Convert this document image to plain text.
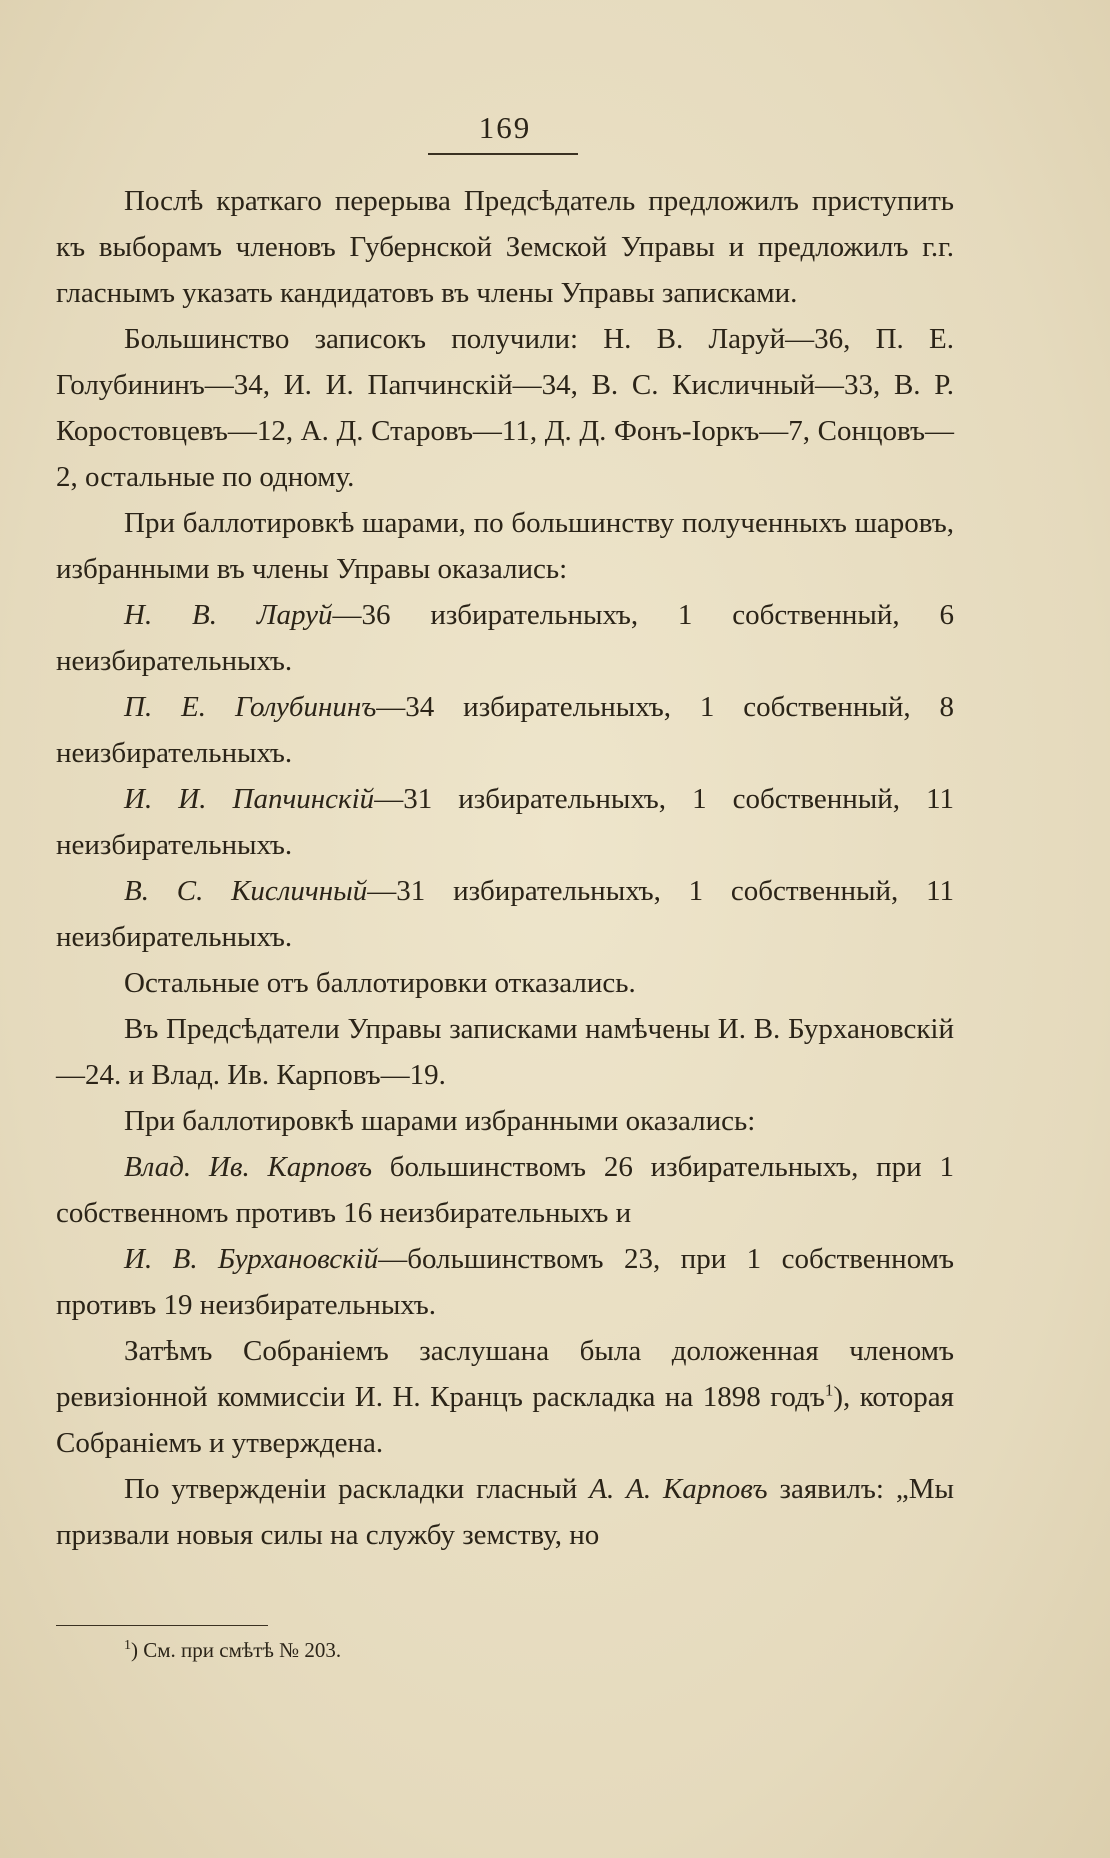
169

Послѣ краткаго перерыва Предсѣдатель предложилъ приступить къ выборамъ членовъ Губернской Земской Управы и предложилъ г.г. гласнымъ указать кандидатовъ въ члены Управы записками.

Большинство записокъ получили: Н. В. Ларуй—36, П. Е. Голубининъ—34, И. И. Папчинскій—34, В. С. Кисличный—33, В. Р. Коростовцевъ—12, А. Д. Старовъ—11, Д. Д. Фонъ-Іоркъ—7, Сонцовъ—2, остальные по одному.

При баллотировкѣ шарами, по большинству полученныхъ шаровъ, избранными въ члены Управы оказались:

Н. В. Ларуй—36 избирательныхъ, 1 собственный, 6 неизбирательныхъ.

П. Е. Голубининъ—34 избирательныхъ, 1 собственный, 8 неизбирательныхъ.

И. И. Папчинскій—31 избирательныхъ, 1 собственный, 11 неизбирательныхъ.

В. С. Кисличный—31 избирательныхъ, 1 собственный, 11 неизбирательныхъ.

Остальные отъ баллотировки отказались.

Въ Предсѣдатели Управы записками намѣчены И. В. Бурхановскій—24. и Влад. Ив. Карповъ—19.

При баллотировкѣ шарами избранными оказались:

Влад. Ив. Карповъ большинствомъ 26 избирательныхъ, при 1 собственномъ противъ 16 неизбирательныхъ и

И. В. Бурхановскій—большинствомъ 23, при 1 собственномъ противъ 19 неизбирательныхъ.

Затѣмъ Собраніемъ заслушана была доложенная членомъ ревизіонной коммиссіи И. Н. Кранцъ раскладка на 1898 годъ$^1$), которая Собраніемъ и утверждена.

По утвержденіи раскладки гласный А. А. Карповъ заявилъ: „Мы призвали новыя силы на службу земству, но

$^1$) См. при смѣтѣ № 203.
